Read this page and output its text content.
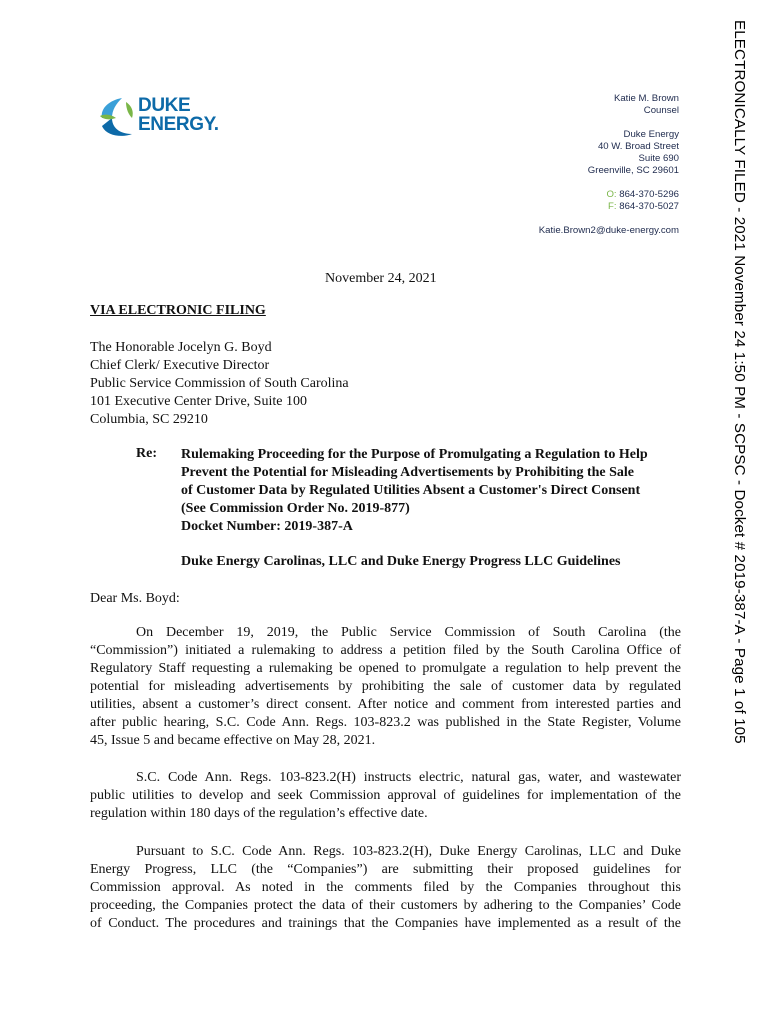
ELECTRONICALLY FILED - 2021 November 24 1:50 PM - SCPSC - Docket # 2019-387-A - Page 1 of 105
DUKE
ENERGY.
Katie M. Brown
Counsel
Duke Energy
40 W. Broad Street
Suite 690
Greenville, SC 29601
O: 864-370-5296
F: 864-370-5027
Katie.Brown2@duke-energy.com
November 24, 2021
VIA ELECTRONIC FILING
The Honorable Jocelyn G. Boyd
Chief Clerk/ Executive Director
Public Service Commission of South Carolina
101 Executive Center Drive, Suite 100
Columbia, SC 29210
Re: Rulemaking Proceeding for the Purpose of Promulgating a Regulation to Help
Prevent the Potential for Misleading Advertisements by Prohibiting the Sale
of Customer Data by Regulated Utilities Absent a Customer's Direct Consent
(See Commission Order No. 2019-877)
Docket Number: 2019-387-A
Duke Energy Carolinas, LLC and Duke Energy Progress LLC Guidelines
Dear Ms. Boyd:
On December 19, 2019, the Public Service Commission of South Carolina (the
“Commission”) initiated a rulemaking to address a petition filed by the South Carolina Office of
Regulatory Staff requesting a rulemaking be opened to promulgate a regulation to help prevent the
potential for misleading advertisements by prohibiting the sale of customer data by regulated
utilities, absent a customer’s direct consent. After notice and comment from interested parties and
after public hearing, S.C. Code Ann. Regs. 103-823.2 was published in the State Register, Volume
45, Issue 5 and became effective on May 28, 2021.
S.C. Code Ann. Regs. 103-823.2(H) instructs electric, natural gas, water, and wastewater
public utilities to develop and seek Commission approval of guidelines for implementation of the
regulation within 180 days of the regulation’s effective date.
Pursuant to S.C. Code Ann. Regs. 103-823.2(H), Duke Energy Carolinas, LLC and Duke
Energy Progress, LLC (the “Companies”) are submitting their proposed guidelines for
Commission approval. As noted in the comments filed by the Companies throughout this
proceeding, the Companies protect the data of their customers by adhering to the Companies’ Code
of Conduct. The procedures and trainings that the Companies have implemented as a result of the
